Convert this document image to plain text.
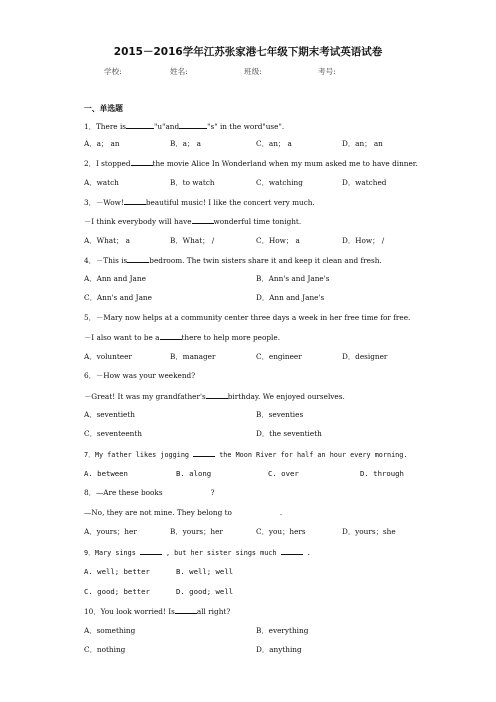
2015－2016学年江苏张家港七年级下期末考试英语试卷
学校:	姓名:	班级:	考号:
一、单选题
1．There is	"u"and	"s" in the word"use".
A．a； an	B．a； a	C．an； a	D．an； an
2．I stopped	the movie Alice In Wonderland when my mum asked me to have dinner.
A．watch	B．to watch	C．watching	D．watched
3．－Wow!	beautiful music! I like the concert very much.
－I think everybody will have	wonderful time tonight.
A．What； a	B．What； /	C．How； a	D．How； /
4．－This is	bedroom. The twin sisters share it and keep it clean and fresh.
A．Ann and Jane	B．Ann's and Jane's
C．Ann's and Jane	D．Ann and Jane's
5．－Mary now helps at a community center three days a week in her free time for free.
－I also want to be a	there to help more people.
A．volunteer	B．manager	C．engineer	D．designer
6．－How was your weekend?
－Great! It was my grandfather's	birthday. We enjoyed ourselves.
A．seventieth	B．seventies
C．seventeenth	D．the seventieth
7．My father likes jogging	the Moon River for half an hour every morning.
A. between	B. along	C. over	D. through
8．—Are these books	?
—No, they are not mine. They belong to	.
A．yours；her	B．yours；her	C．you；hers	D．yours；she
9．Mary sings	, but her sister sings much	.
A. well; better	B. well; well
C. good; better	D. good; well
10．You look worried! Is	all right?
A．something	B．everything
C．nothing	D．anything
